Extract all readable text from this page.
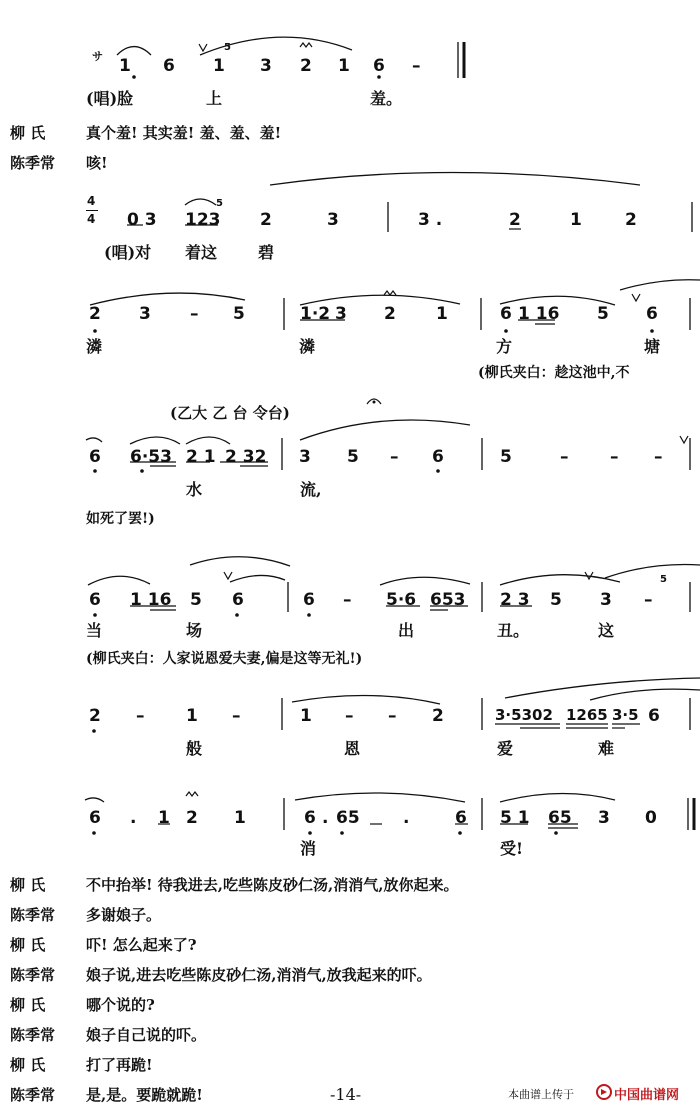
サ 1 6 1
5
3 2 1 6 –
(唱)脸	上	羞。
柳 氏	真个羞! 其实羞! 羞、羞、羞!
陈季常 咳!
4
4 0 3 123
5
2	3	3 .	2	1	2
(唱)对 着这	碧
2 3 – 5	1·2 3 2 1	6 1 16 5 6
潾	潾	方	塘
(柳氏夹白：趁这池中,不
(乙大 乙 台 令台)
6 6·53 2 1 2 32 3 5 – 6	5	– – –
水	流,
如死了罢!)
6 1 16 5 6	6 – 5·6 653 2 3 5 3 –
5
当	场	出	丑。	这
(柳氏夹白：人家说恩爱夫妻,偏是这等无礼!)
2 – 1 –	1 – – 2	3·5302 1265 3·5 6
般	恩	爱	难
6 . 1 2 1	6 . 65	.	6 5 1 65 3 0
消	受!
柳 氏	不中抬举! 待我进去,吃些陈皮砂仁汤,消消气,放你起来。
陈季常 多谢娘子。
柳 氏	吓! 怎么起来了?
陈季常 娘子说,进去吃些陈皮砂仁汤,消消气,放我起来的吓。
柳 氏	哪个说的?
陈季常 娘子自己说的吓。
柳 氏	打了再跪!
陈季常 是,是。要跪就跪!	-14-	本曲谱上传于	中国曲谱网
